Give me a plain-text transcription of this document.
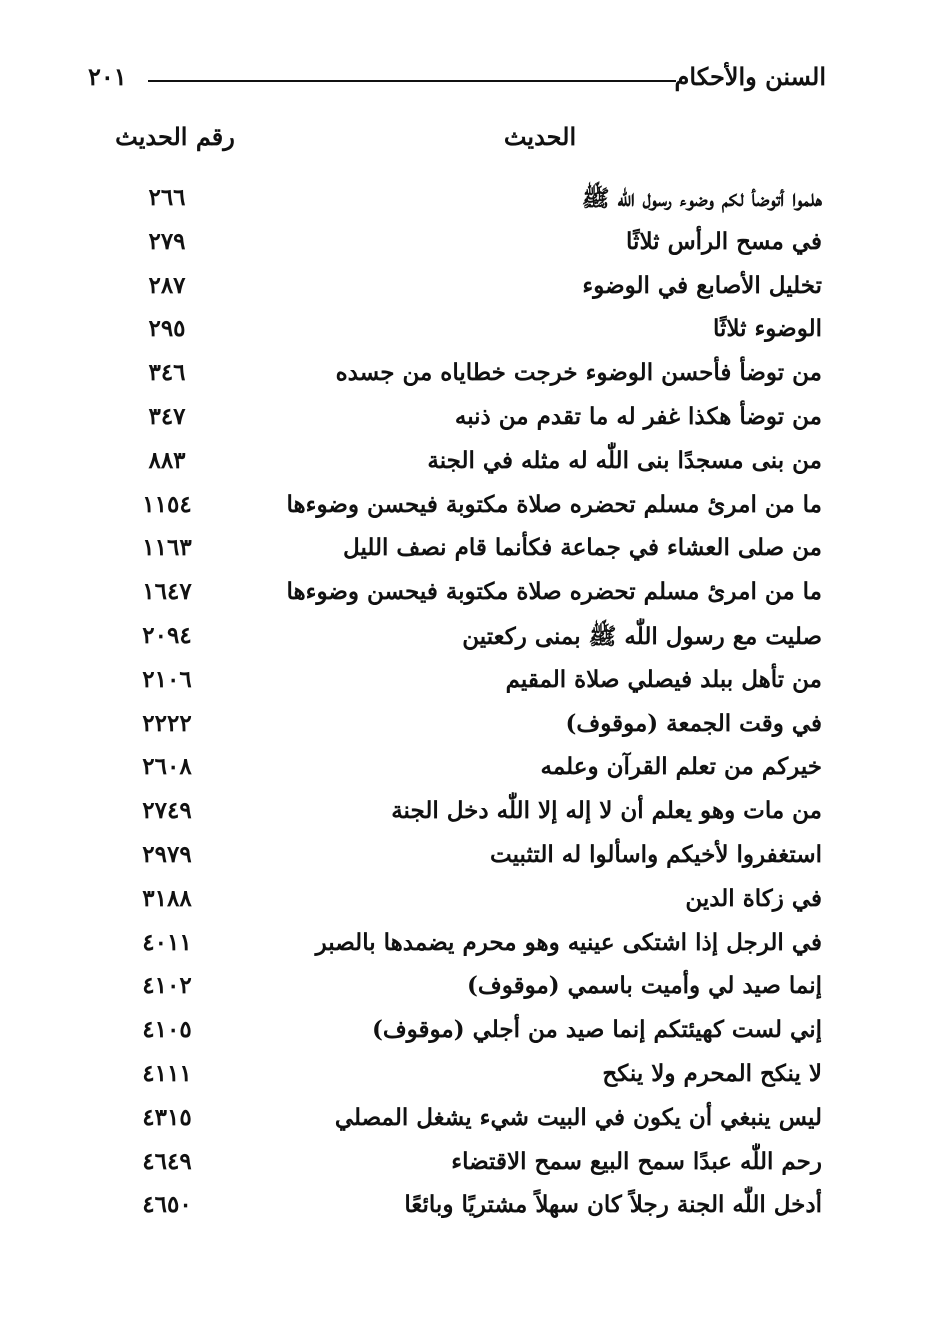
السنن والأحكام
٢٠١
الحديث
رقم الحديث
هلموا أتوضأ لكم وضوء رسول اللّٰه ﷺ
٢٦٦
في مسح الرأس ثلاثًا
٢٧٩
تخليل الأصابع في الوضوء
٢٨٧
الوضوء ثلاثًا
٢٩٥
من توضأ فأحسن الوضوء خرجت خطاياه من جسده
٣٤٦
من توضأ هكذا غفر له ما تقدم من ذنبه
٣٤٧
من بنى مسجدًا بنى اللّٰه له مثله في الجنة
٨٨٣
ما من امرئ مسلم تحضره صلاة مكتوبة فيحسن وضوءها
١١٥٤
من صلى العشاء في جماعة فكأنما قام نصف الليل
١١٦٣
ما من امرئ مسلم تحضره صلاة مكتوبة فيحسن وضوءها
١٦٤٧
صليت مع رسول اللّٰه ﷺ بمنى ركعتين
٢٠٩٤
من تأهل ببلد فيصلي صلاة المقيم
٢١٠٦
في وقت الجمعة (موقوف)
٢٢٢٢
خيركم من تعلم القرآن وعلمه
٢٦٠٨
من مات وهو يعلم أن لا إله إلا اللّٰه دخل الجنة
٢٧٤٩
استغفروا لأخيكم واسألوا له التثبيت
٢٩٧٩
في زكاة الدين
٣١٨٨
في الرجل إذا اشتكى عينيه وهو محرم يضمدها بالصبر
٤٠١١
إنما صيد لي وأميت باسمي (موقوف)
٤١٠٢
إني لست كهيئتكم إنما صيد من أجلي (موقوف)
٤١٠٥
لا ينكح المحرم ولا ينكح
٤١١١
ليس ينبغي أن يكون في البيت شيء يشغل المصلي
٤٣١٥
رحم اللّٰه عبدًا سمح البيع سمح الاقتضاء
٤٦٤٩
أدخل اللّٰه الجنة رجلاً كان سهلاً مشتريًا وبائعًا
٤٦٥٠
